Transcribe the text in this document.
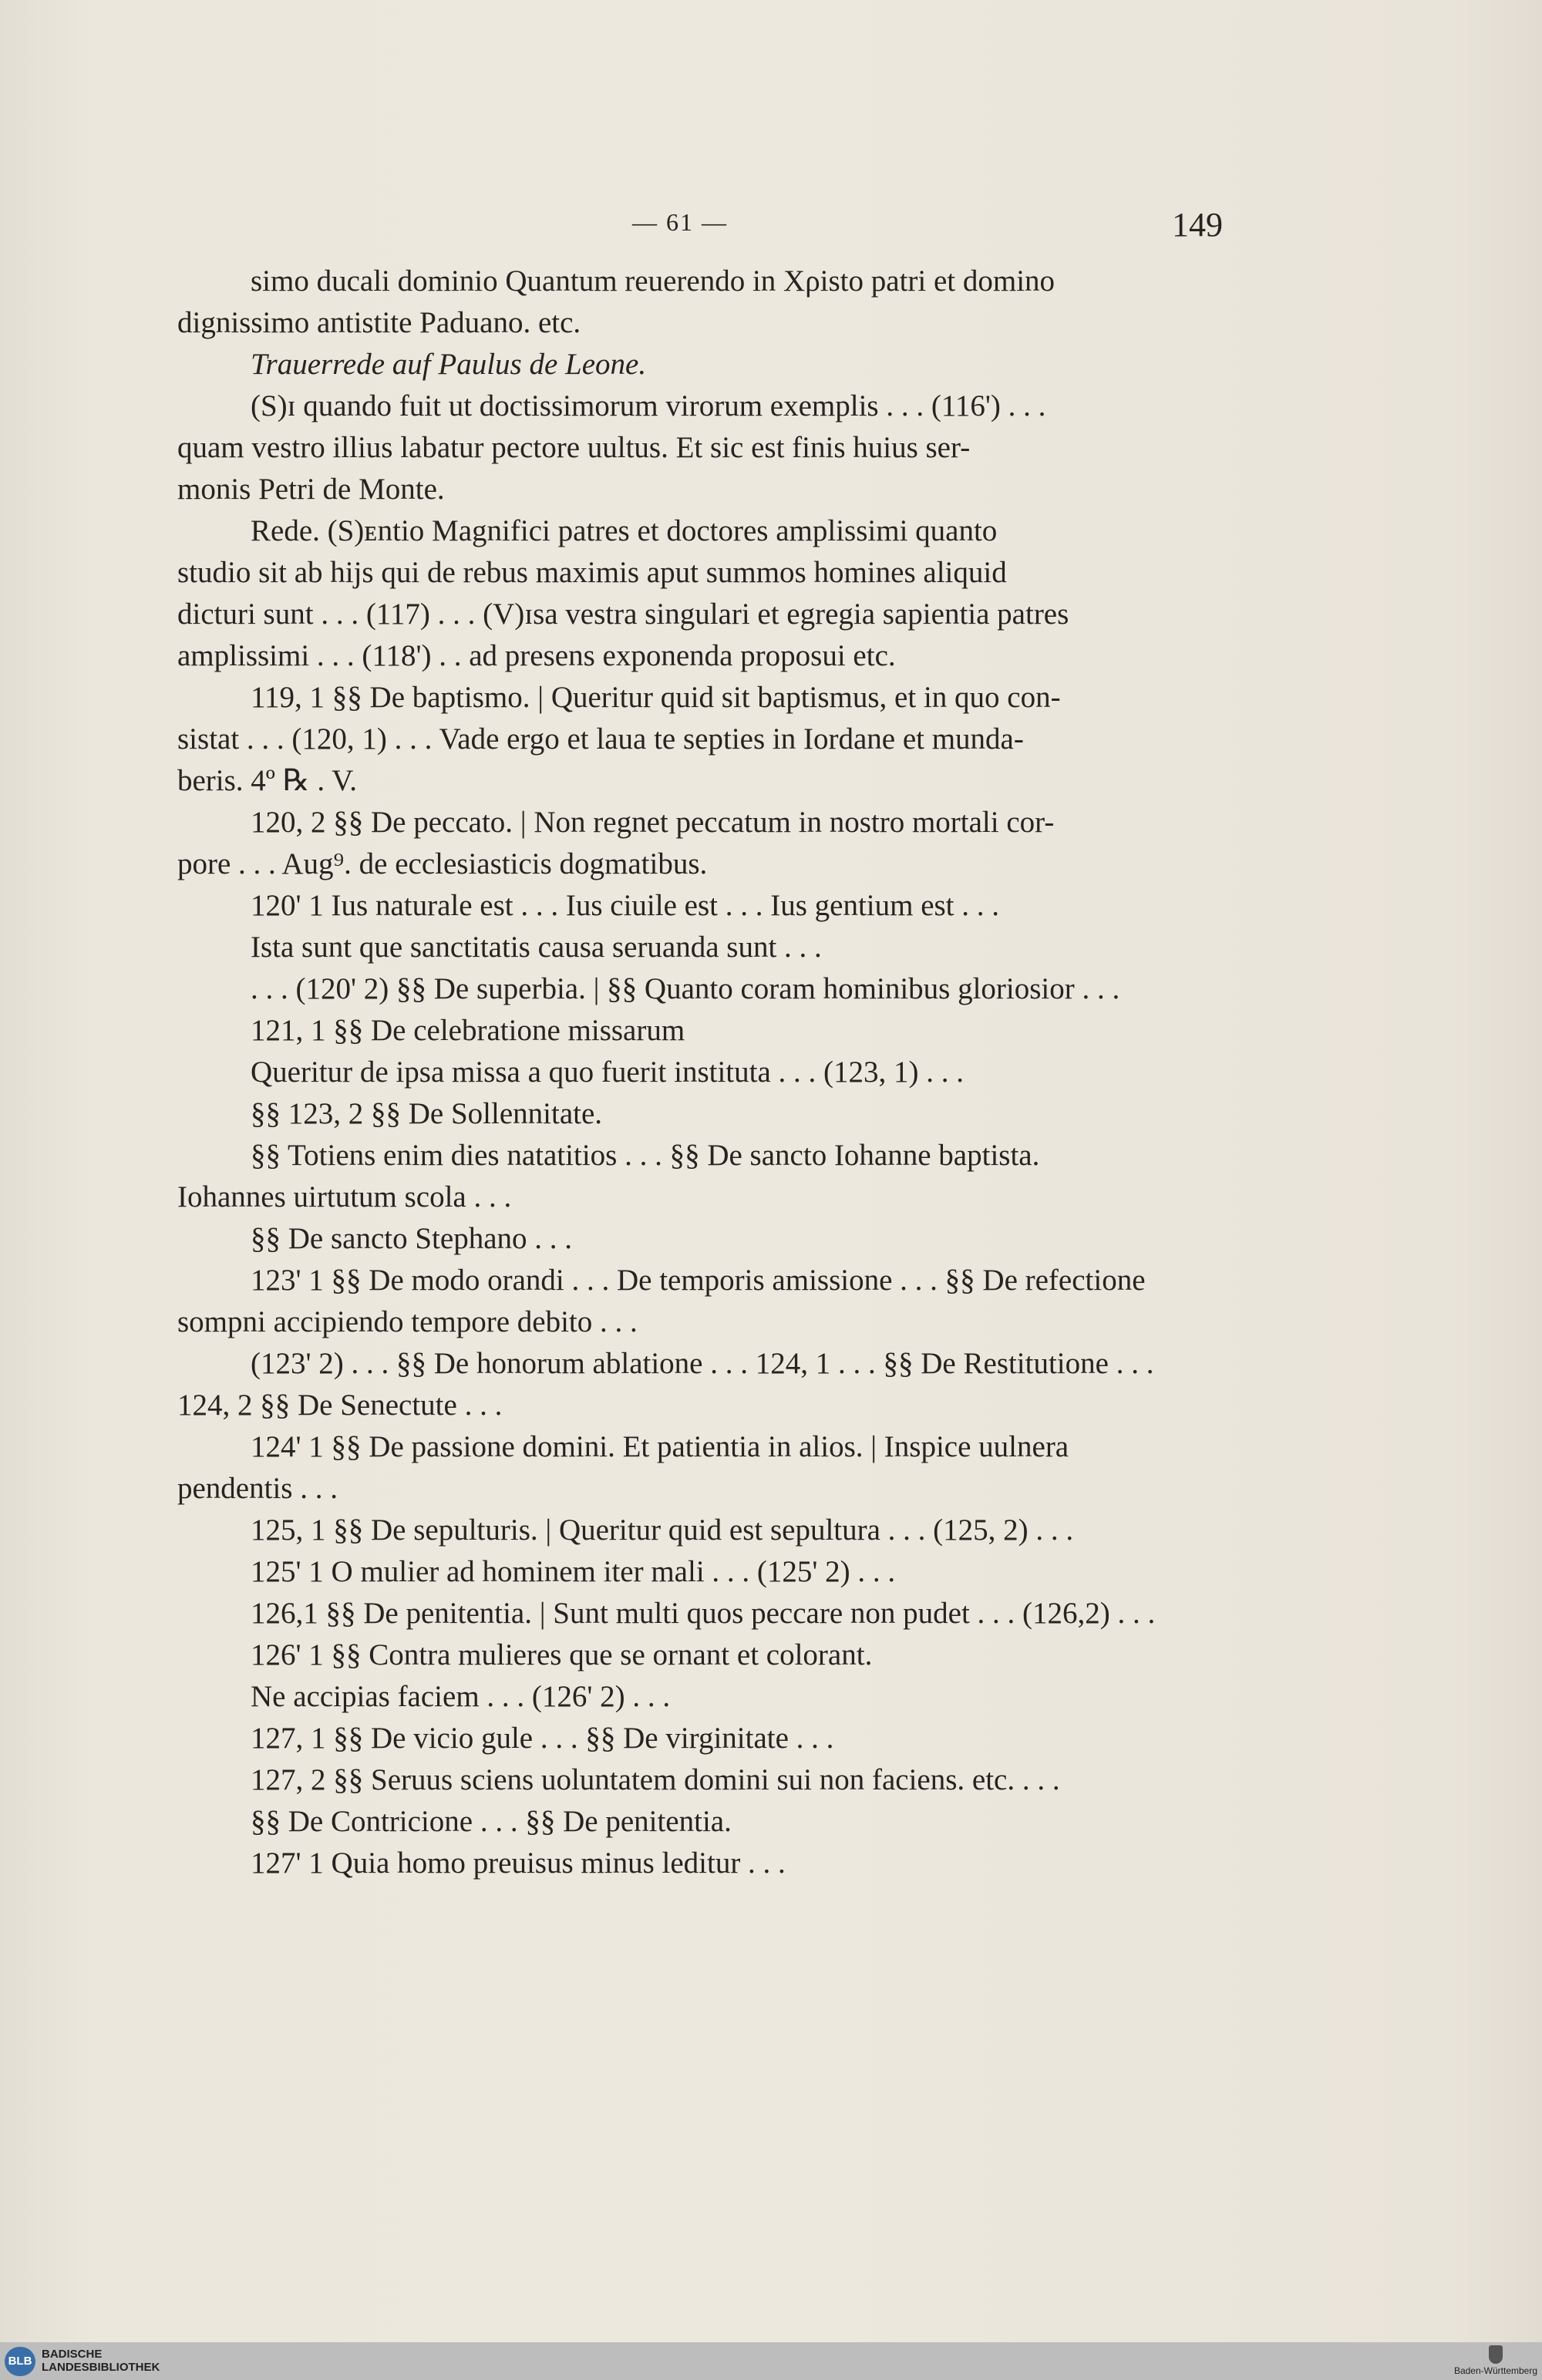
— 61 —	149
simo ducali dominio Quantum reuerendo in Χρisto patri et domino
dignissimo antistite Paduano. etc.
Trauerrede auf Paulus de Leone.
(S)ɪ quando fuit ut doctissimorum virorum exemplis . . . (116') . . .
quam vestro illius labatur pectore uultus. Et sic est finis huius ser-
monis Petri de Monte.
Rede. (S)ᴇntio Magnifici patres et doctores amplissimi quanto
studio sit ab hijs qui de rebus maximis aput summos homines aliquid
dicturi sunt . . . (117) . . . (V)ɪsa vestra singulari et egregia sapientia patres
amplissimi . . . (118') . . ad presens exponenda proposui etc.
119, 1 §§ De baptismo. | Queritur quid sit baptismus, et in quo con-
sistat . . . (120, 1) . . . Vade ergo et laua te septies in Iordane et munda-
beris. 4º ℞ . V.
120, 2 §§ De peccato. | Non regnet peccatum in nostro mortali cor-
pore . . . Aug⁹. de ecclesiasticis dogmatibus.
120' 1 Ius naturale est . . . Ius ciuile est . . . Ius gentium est . . .
Ista sunt que sanctitatis causa seruanda sunt . . .
. . . (120' 2) §§ De superbia. | §§ Quanto coram hominibus gloriosior . . .
121, 1 §§ De celebratione missarum
Queritur de ipsa missa a quo fuerit instituta . . . (123, 1) . . .
§§ 123, 2 §§ De Sollennitate.
§§ Totiens enim dies natatitios . . . §§ De sancto Iohanne baptista.
Iohannes uirtutum scola . . .
§§ De sancto Stephano . . .
123' 1 §§ De modo orandi . . . De temporis amissione . . . §§ De refectione
sompni accipiendo tempore debito . . .
(123' 2) . . . §§ De honorum ablatione . . . 124, 1 . . . §§ De Restitutione . . .
124, 2 §§ De Senectute . . .
124' 1 §§ De passione domini. Et patientia in alios. | Inspice uulnera
pendentis . . .
125, 1 §§ De sepulturis. | Queritur quid est sepultura . . . (125, 2) . . .
125' 1 O mulier ad hominem iter mali . . . (125' 2) . . .
126,1 §§ De penitentia. | Sunt multi quos peccare non pudet . . . (126,2) . . .
126' 1 §§ Contra mulieres que se ornant et colorant.
Ne accipias faciem . . . (126' 2) . . .
127, 1 §§ De vicio gule . . . §§ De virginitate . . .
127, 2 §§ Seruus sciens uoluntatem domini sui non faciens. etc. . . .
§§ De Contricione . . . §§ De penitentia.
127' 1 Quia homo preuisus minus leditur . . .
BLB
BADISCHE
LANDESBIBLIOTHEK	Baden-Württemberg
